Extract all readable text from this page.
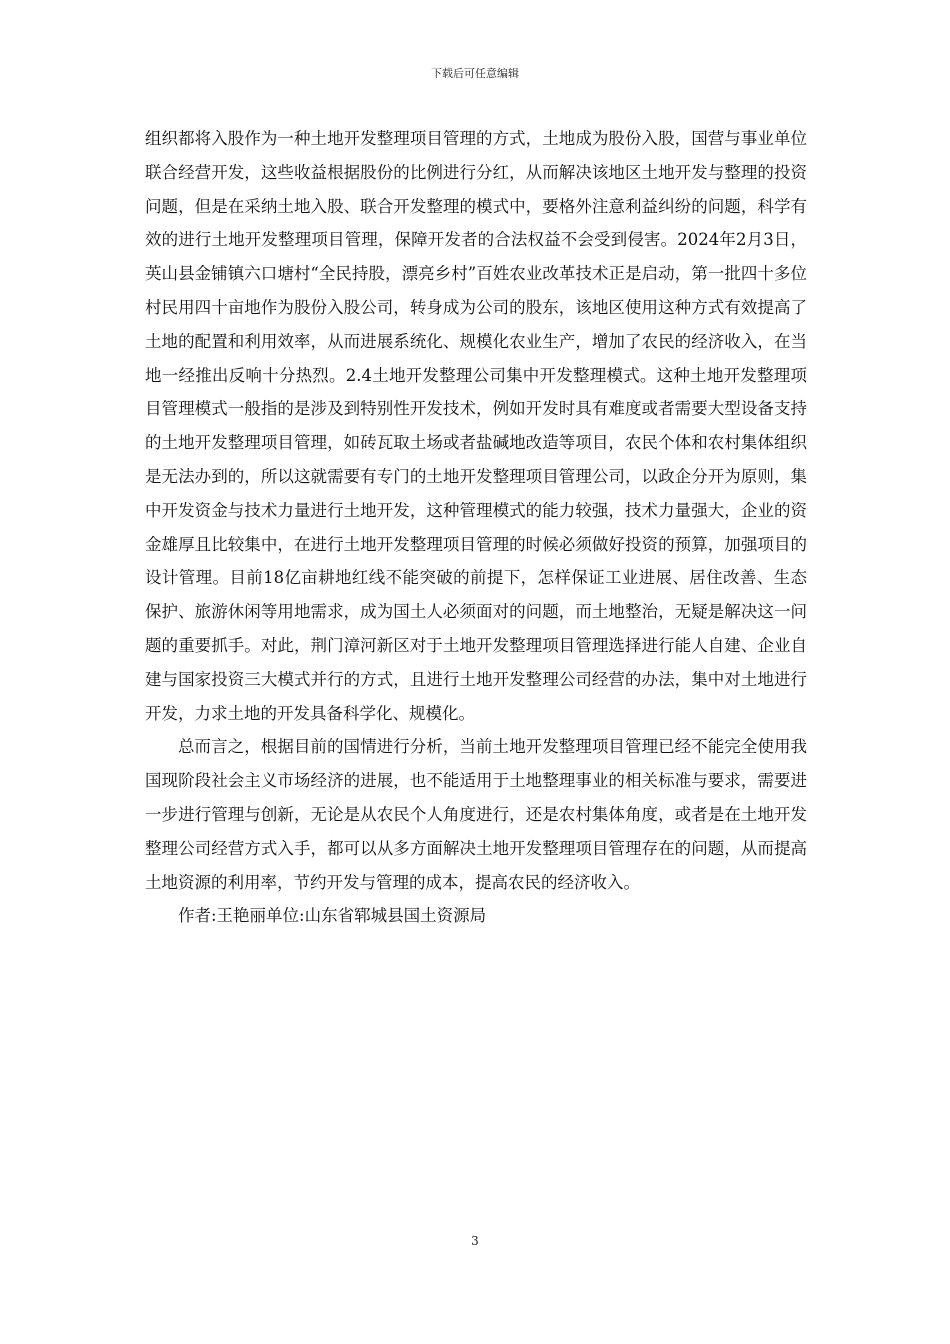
下载后可任意编辑

组织都将入股作为一种土地开发整理项目管理的方式，土地成为股份入股，国营与事业单位联合经营开发，这些收益根据股份的比例进行分红，从而解决该地区土地开发与整理的投资问题，但是在采纳土地入股、联合开发整理的模式中，要格外注意利益纠纷的问题，科学有效的进行土地开发整理项目管理，保障开发者的合法权益不会受到侵害。2024年2月3日，英山县金铺镇六口塘村“全民持股，漂亮乡村”百姓农业改革技术正是启动，第一批四十多位村民用四十亩地作为股份入股公司，转身成为公司的股东，该地区使用这种方式有效提高了土地的配置和利用效率，从而进展系统化、规模化农业生产，增加了农民的经济收入，在当地一经推出反响十分热烈。2.4土地开发整理公司集中开发整理模式。这种土地开发整理项目管理模式一般指的是涉及到特别性开发技术，例如开发时具有难度或者需要大型设备支持的土地开发整理项目管理，如砖瓦取土场或者盐碱地改造等项目，农民个体和农村集体组织是无法办到的，所以这就需要有专门的土地开发整理项目管理公司，以政企分开为原则，集中开发资金与技术力量进行土地开发，这种管理模式的能力较强，技术力量强大，企业的资金雄厚且比较集中，在进行土地开发整理项目管理的时候必须做好投资的预算，加强项目的设计管理。目前18亿亩耕地红线不能突破的前提下，怎样保证工业进展、居住改善、生态保护、旅游休闲等用地需求，成为国土人必须面对的问题，而土地整治，无疑是解决这一问题的重要抓手。对此，荆门漳河新区对于土地开发整理项目管理选择进行能人自建、企业自建与国家投资三大模式并行的方式，且进行土地开发整理公司经营的办法，集中对土地进行开发，力求土地的开发具备科学化、规模化。

总而言之，根据目前的国情进行分析，当前土地开发整理项目管理已经不能完全使用我国现阶段社会主义市场经济的进展，也不能适用于土地整理事业的相关标准与要求，需要进一步进行管理与创新，无论是从农民个人角度进行，还是农村集体角度，或者是在土地开发整理公司经营方式入手，都可以从多方面解决土地开发整理项目管理存在的问题，从而提高土地资源的利用率，节约开发与管理的成本，提高农民的经济收入。

作者:王艳丽单位:山东省郓城县国土资源局

3
